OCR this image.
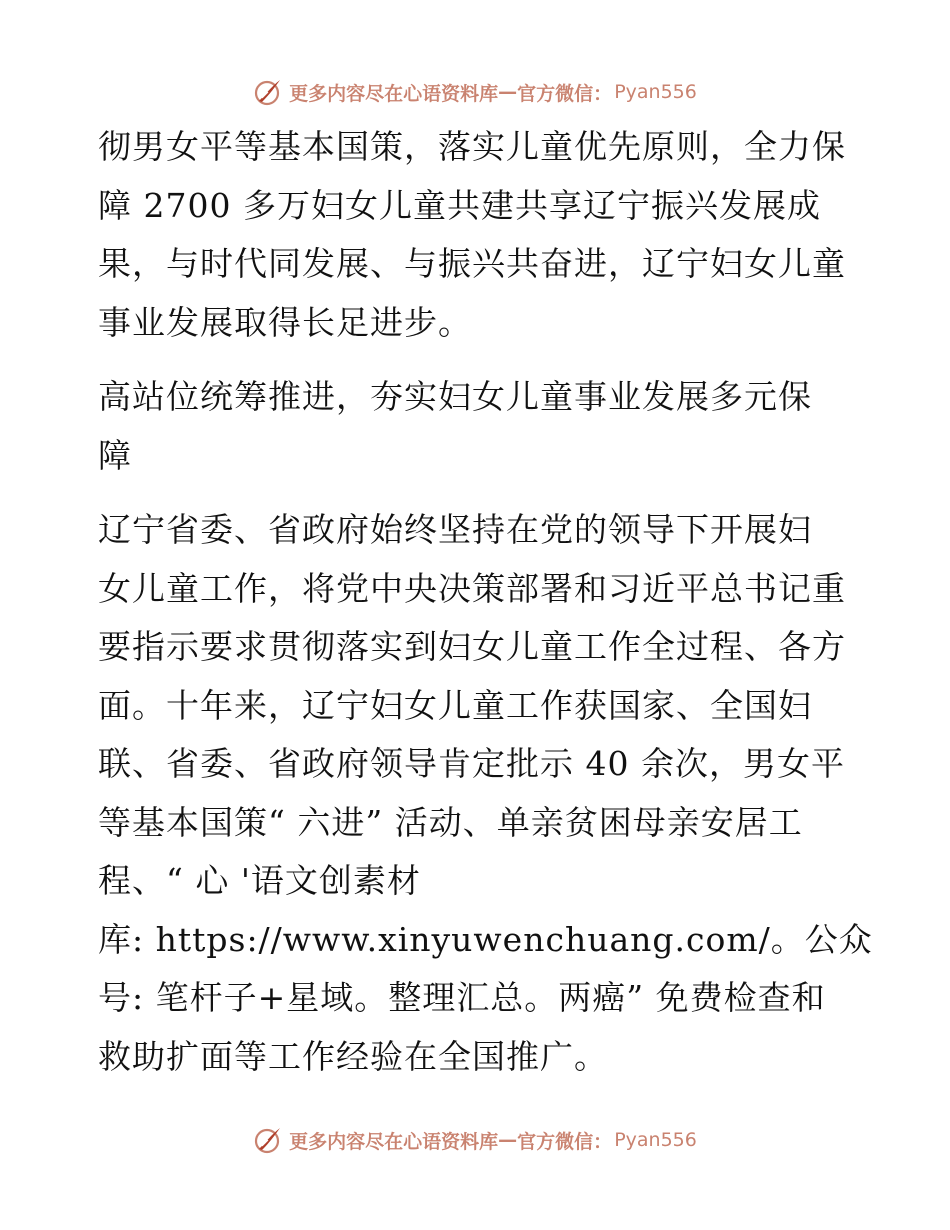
更多内容尽在心语资料库 — 官方微信： Pyan556

彻男女平等基本国策，落实儿童优先原则，全力保
障 2700 多万妇女儿童共建共享辽宁振兴发展成
果，与时代同发展、与振兴共奋进，辽宁妇女儿童
事业发展取得长足进步。

高站位统筹推进，夯实妇女儿童事业发展多元保
障

辽宁省委、省政府始终坚持在党的领导下开展妇
女儿童工作，将党中央决策部署和习近平总书记重
要指示要求贯彻落实到妇女儿童工作全过程、各方
面。十年来，辽宁妇女儿童工作获国家、全国妇
联、省委、省政府领导肯定批示 40 余次，男女平
等基本国策“ 六进” 活动、单亲贫困母亲安居工
程、“ 心 '语文创素材
库: https://www.xinyuwenchuang.com/。公众
号: 笔杆子+星域。整理汇总。两癌” 免费检查和
救助扩面等工作经验在全国推广。

更多内容尽在心语资料库 — 官方微信： Pyan556
